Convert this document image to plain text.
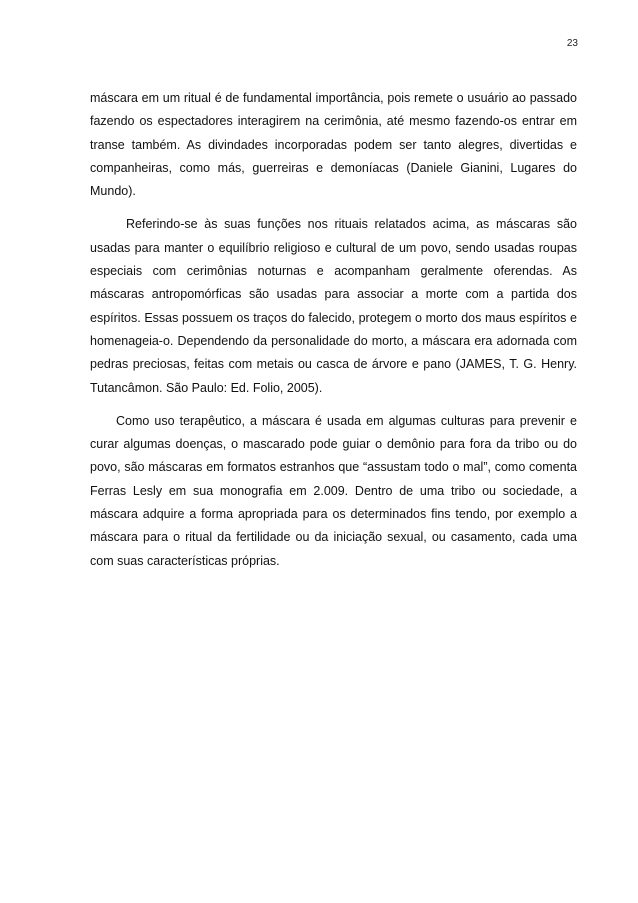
23

máscara em um ritual é de fundamental importância, pois remete o usuário ao passado fazendo os espectadores interagirem na cerimônia, até mesmo fazendo-os entrar em transe também. As divindades incorporadas podem ser tanto alegres, divertidas e companheiras, como más, guerreiras e demoníacas (Daniele Gianini, Lugares do Mundo).

Referindo-se às suas funções nos rituais relatados acima, as máscaras são usadas para manter o equilíbrio religioso e cultural de um povo, sendo usadas roupas especiais com cerimônias noturnas e acompanham geralmente oferendas. As máscaras antropomórficas são usadas para associar a morte com a partida dos espíritos. Essas possuem os traços do falecido, protegem o morto dos maus espíritos e homenageia-o. Dependendo da personalidade do morto, a máscara era adornada com pedras preciosas, feitas com metais ou casca de árvore e pano (JAMES, T. G. Henry. Tutancâmon. São Paulo: Ed. Folio, 2005).

Como uso terapêutico, a máscara é usada em algumas culturas para prevenir e curar algumas doenças, o mascarado pode guiar o demônio para fora da tribo ou do povo, são máscaras em formatos estranhos que “assustam todo o mal”, como comenta Ferras Lesly em sua monografia em 2.009. Dentro de uma tribo ou sociedade, a máscara adquire a forma apropriada para os determinados fins tendo, por exemplo a máscara para o ritual da fertilidade ou da iniciação sexual, ou casamento, cada uma com suas características próprias.
